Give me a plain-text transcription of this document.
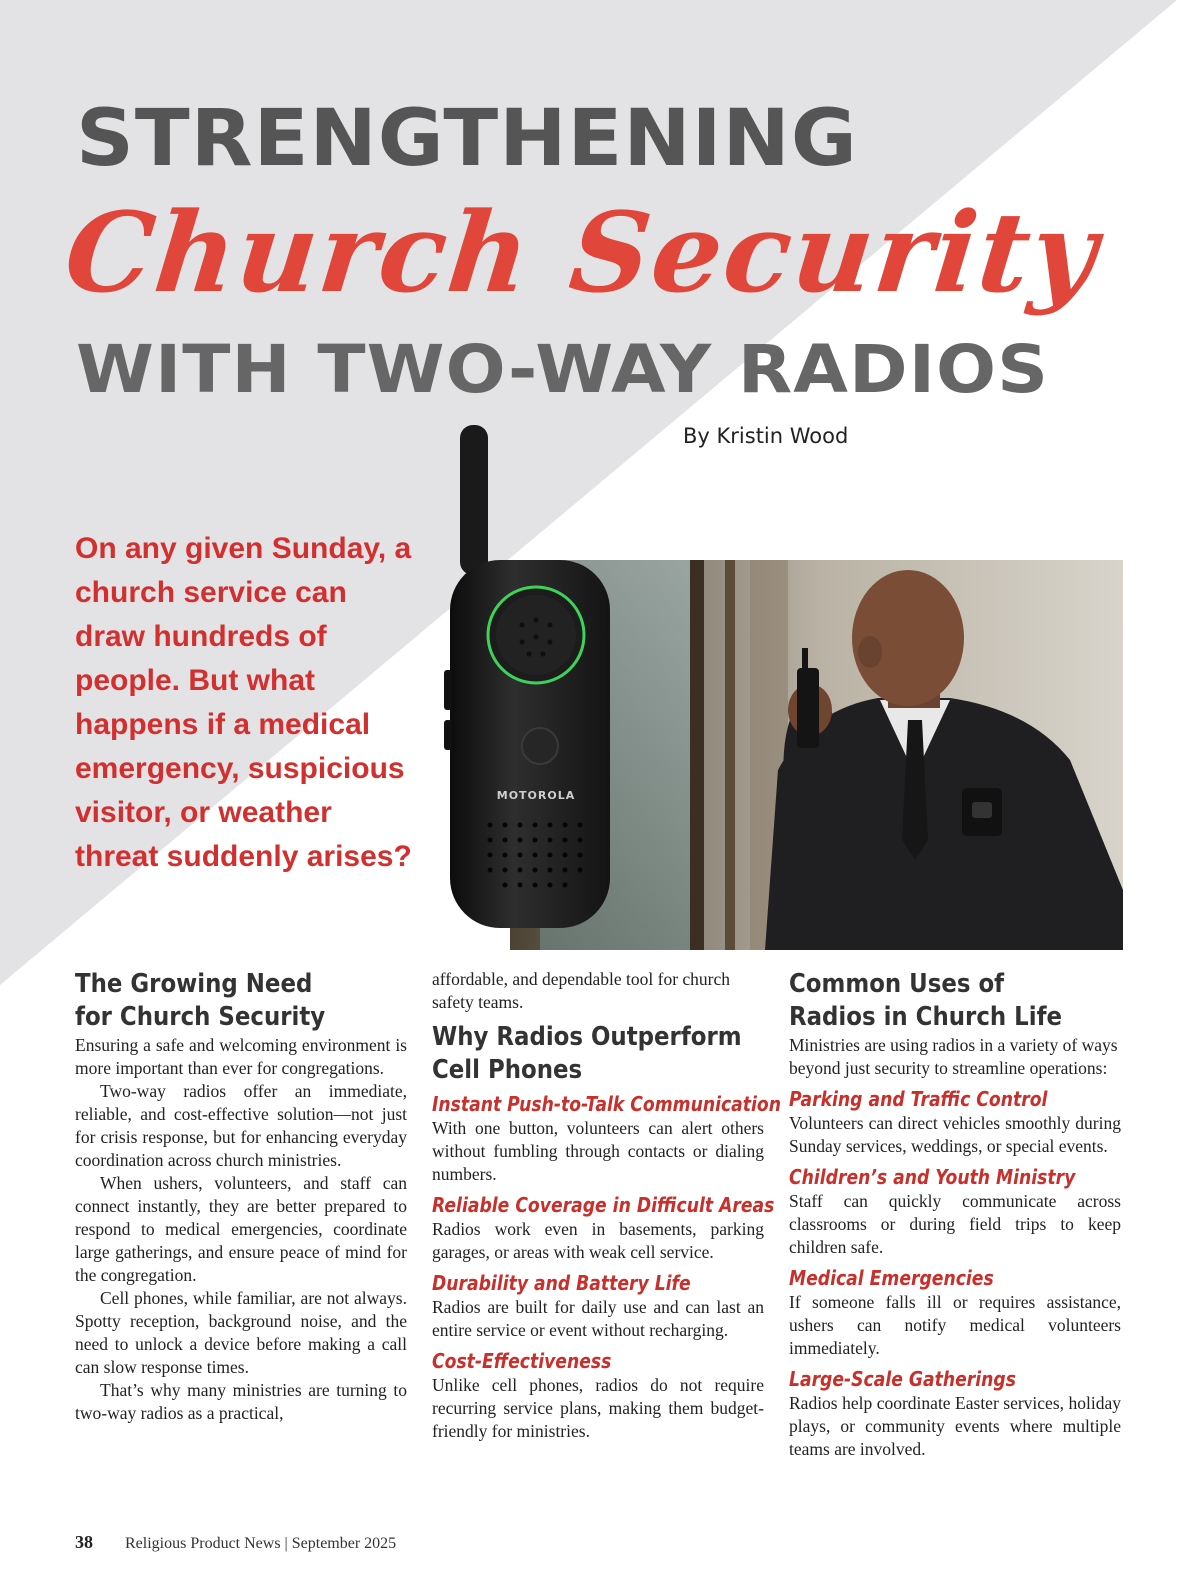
STRENGTHENING
Church Security
WITH TWO-WAY RADIOS

By Kristin Wood

On any given Sunday, a church service can draw hundreds of people. But what happens if a medical emergency, suspicious visitor, or weather threat suddenly arises?

MOTOROLA
The Growing Need
for Church Security

Ensuring a safe and welcoming environment is more important than ever for congregations.

Two-way radios offer an immediate, reliable, and cost-effective solution—not just for crisis response, but for enhancing everyday coordination across church ministries.

When ushers, volunteers, and staff can connect instantly, they are better prepared to respond to medical emergencies, coordinate large gatherings, and ensure peace of mind for the congregation.

Cell phones, while familiar, are not always. Spotty reception, background noise, and the need to unlock a device before making a call can slow response times.

That’s why many ministries are turning to two-way radios as a practical,

affordable, and dependable tool for church safety teams.

Why Radios Outperform
Cell Phones
Instant Push-to-Talk Communication

With one button, volunteers can alert others without fumbling through contacts or dialing numbers.

Reliable Coverage in Difficult Areas

Radios work even in basements, parking garages, or areas with weak cell service.

Durability and Battery Life

Radios are built for daily use and can last an entire service or event without recharging.

Cost-Effectiveness

Unlike cell phones, radios do not require recurring service plans, making them budget-friendly for ministries.

Common Uses of
Radios in Church Life

Ministries are using radios in a variety of ways beyond just security to streamline operations:

Parking and Traffic Control

Volunteers can direct vehicles smoothly during Sunday services, weddings, or special events.

Children’s and Youth Ministry

Staff can quickly communicate across classrooms or during field trips to keep children safe.

Medical Emergencies

If someone falls ill or requires assistance, ushers can notify medical volunteers immediately.

Large-Scale Gatherings

Radios help coordinate Easter services, holiday plays, or community events where multiple teams are involved.

38 Religious Product News | September 2025
